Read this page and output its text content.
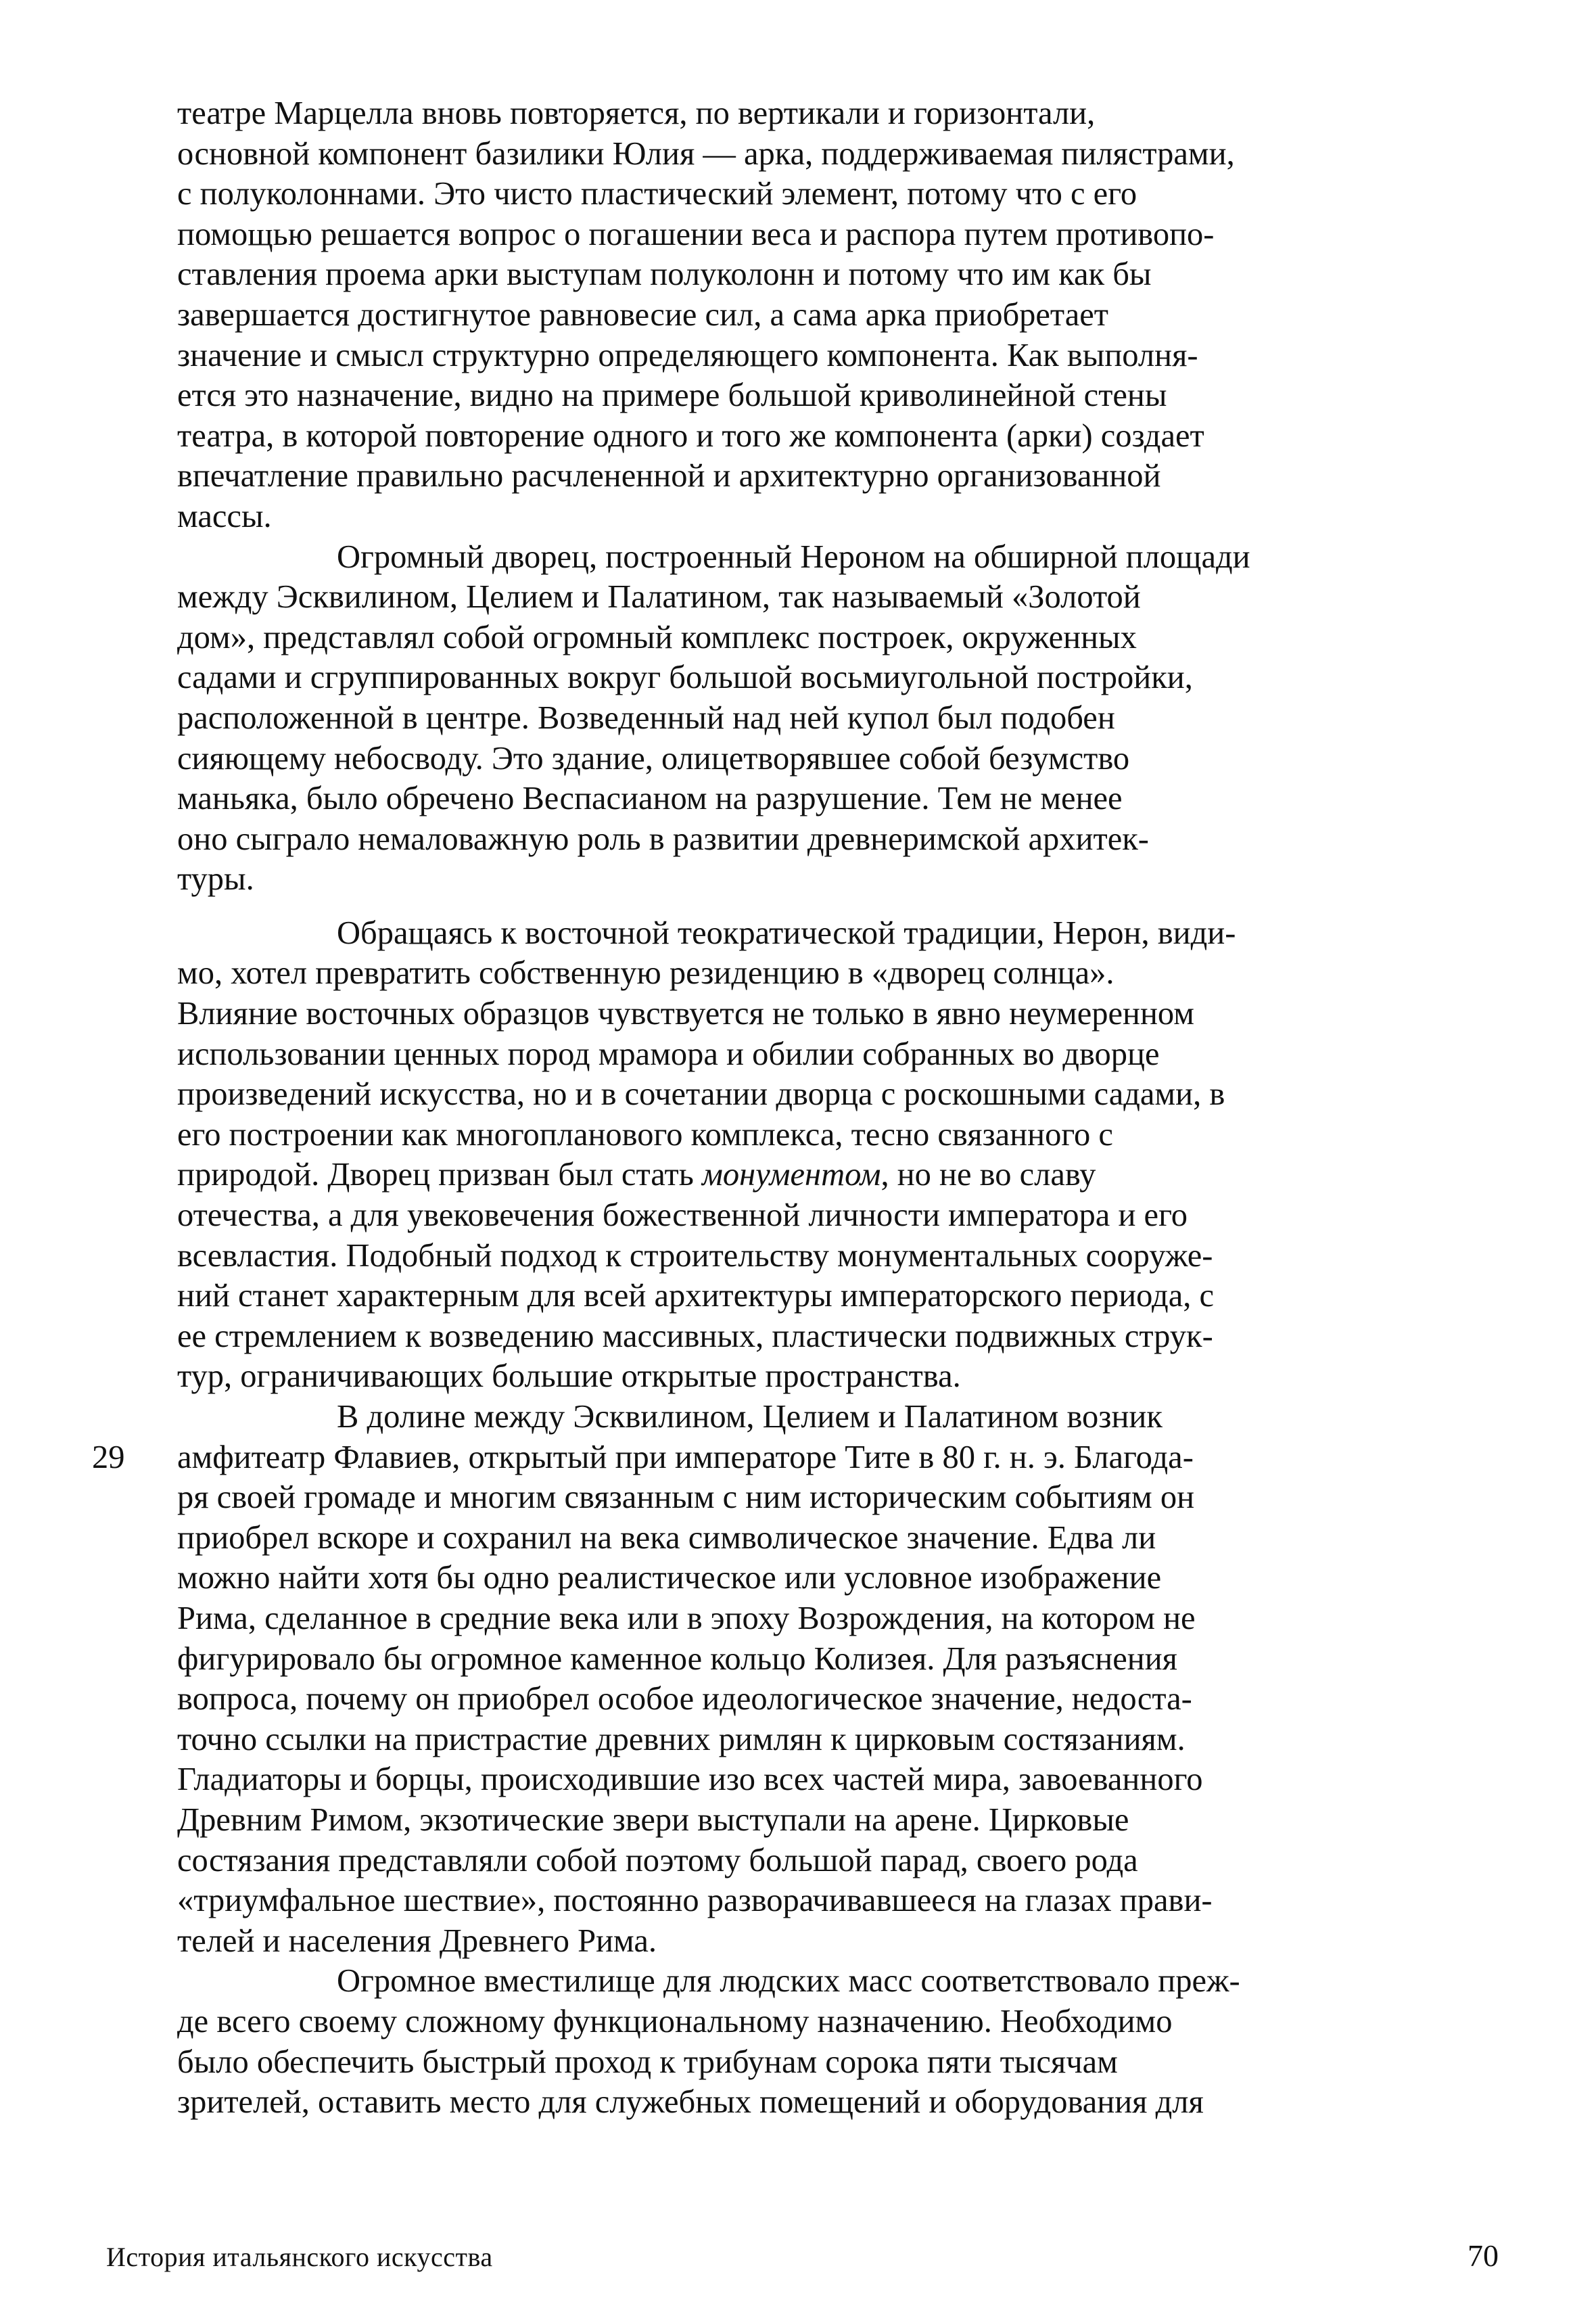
театре Марцелла вновь повторяется, по вертикали и горизонтали,
основной компонент базилики Юлия — арка, поддерживаемая пилястрами,
с полуколоннами. Это чисто пластический элемент, потому что с его
помощью решается вопрос о погашении веса и распора путем противопо-
ставления проема арки выступам полуколонн и потому что им как бы
завершается достигнутое равновесие сил, а сама арка приобретает
значение и смысл структурно определяющего компонента. Как выполня-
ется это назначение, видно на примере большой криволинейной стены
театра, в которой повторение одного и того же компонента (арки) создает
впечатление правильно расчлененной и архитектурно организованной
массы.
Огромный дворец, построенный Нероном на обширной площади
между Эсквилином, Целием и Палатином, так называемый «Золотой
дом», представлял собой огромный комплекс построек, окруженных
садами и сгруппированных вокруг большой восьмиугольной постройки,
расположенной в центре. Возведенный над ней купол был подобен
сияющему небосводу. Это здание, олицетворявшее собой безумство
маньяка, было обречено Веспасианом на разрушение. Тем не менее
оно сыграло немаловажную роль в развитии древнеримской архитек-
туры.
Обращаясь к восточной теократической традиции, Нерон, види-
мо, хотел превратить собственную резиденцию в «дворец солнца».
Влияние восточных образцов чувствуется не только в явно неумеренном
использовании ценных пород мрамора и обилии собранных во дворце
произведений искусства, но и в сочетании дворца с роскошными садами, в
его построении как многопланового комплекса, тесно связанного с
природой. Дворец призван был стать монументом, но не во славу
отечества, а для увековечения божественной личности императора и его
всевластия. Подобный подход к строительству монументальных сооруже-
ний станет характерным для всей архитектуры императорского периода, с
ее стремлением к возведению массивных, пластически подвижных струк-
тур, ограничивающих большие открытые пространства.
В долине между Эсквилином, Целием и Палатином возник
29 амфитеатр Флавиев, открытый при императоре Тите в 80 г. н. э. Благода-
ря своей громаде и многим связанным с ним историческим событиям он
приобрел вскоре и сохранил на века символическое значение. Едва ли
можно найти хотя бы одно реалистическое или условное изображение
Рима, сделанное в средние века или в эпоху Возрождения, на котором не
фигурировало бы огромное каменное кольцо Колизея. Для разъяснения
вопроса, почему он приобрел особое идеологическое значение, недоста-
точно ссылки на пристрастие древних римлян к цирковым состязаниям.
Гладиаторы и борцы, происходившие изо всех частей мира, завоеванного
Древним Римом, экзотические звери выступали на арене. Цирковые
состязания представляли собой поэтому большой парад, своего рода
«триумфальное шествие», постоянно разворачивавшееся на глазах прави-
телей и населения Древнего Рима.
Огромное вместилище для людских масс соответствовало преж-
де всего своему сложному функциональному назначению. Необходимо
было обеспечить быстрый проход к трибунам сорока пяти тысячам
зрителей, оставить место для служебных помещений и оборудования для
История итальянского искусства	70
